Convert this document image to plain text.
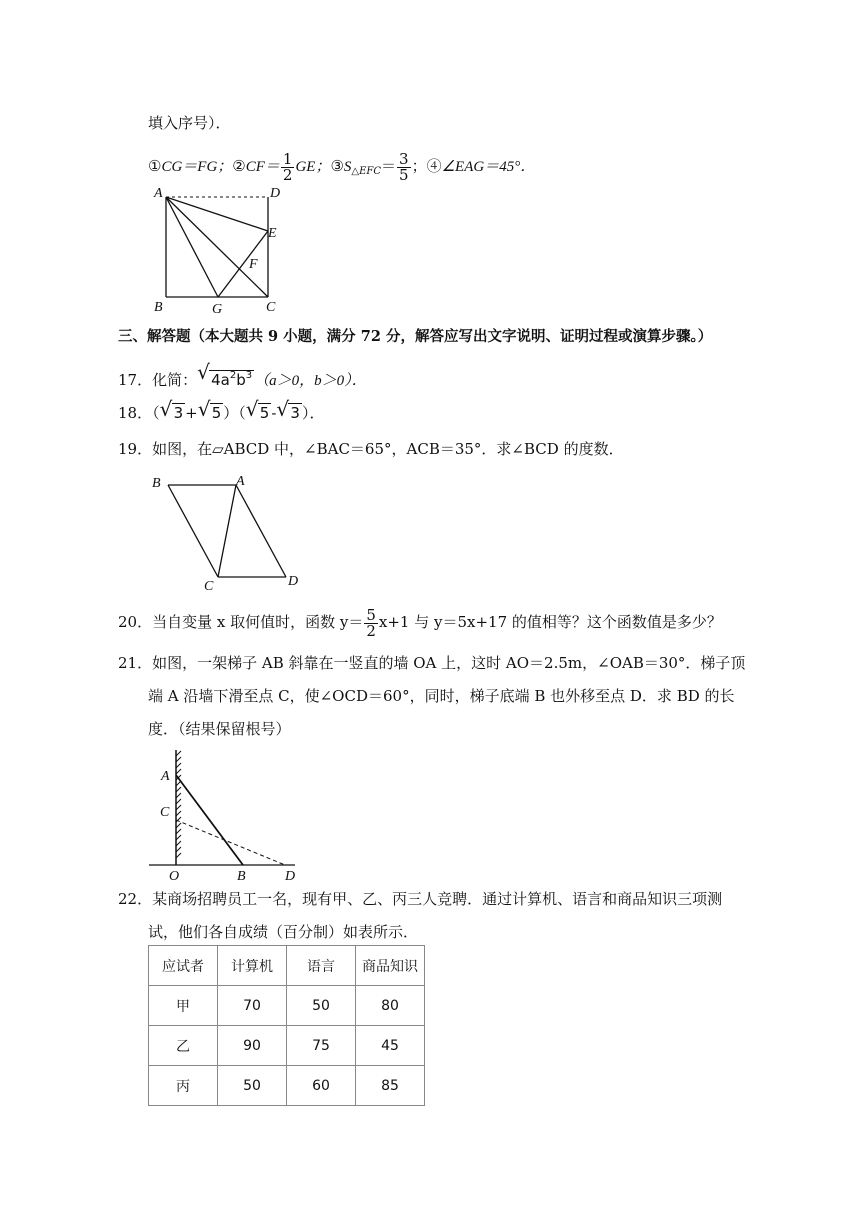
填入序号）．
①CG＝FG；②CF＝ $\frac{1}{2}$ GE；$③S_{\triangle EFC}= \frac{3}{5}$ ；④∠EAG＝45°．
A	D
E
F
B	G	C
三、解答题（本大题共 9 小题，满分 72 分，解答应写出文字说明、证明过程或演算步骤。）
17．化简： √ $4a^2b^3$ （a＞0，b＞0）．
18．（ √ 3 + √ 5 ）（ √ 5 - √ 3 ）．
19．如图，在▱ABCD 中，∠BAC＝65°，ACB＝35°．求∠BCD 的度数．
B	A
C	D
20．当自变量 x 取何值时，函数 $y= \frac{5}{2} x+1$ 与 y＝5x+17 的值相等？这个函数值是多少？
21．如图，一架梯子 AB 斜靠在一竖直的墙 OA 上，这时 AO＝2.5m，∠OAB＝30°．梯子顶
端 A 沿墙下滑至点 C，使∠OCD＝60°，同时，梯子底端 B 也外移至点 D．求 BD 的长
度．（结果保留根号）
A
C
O	B	D
22．某商场招聘员工一名，现有甲、乙、丙三人竞聘．通过计算机、语言和商品知识三项测
试，他们各自成绩（百分制）如表所示．
应试者	计算机	语言	商品知识
甲	70	50	80
乙	90	75	45
丙	50	60	85
